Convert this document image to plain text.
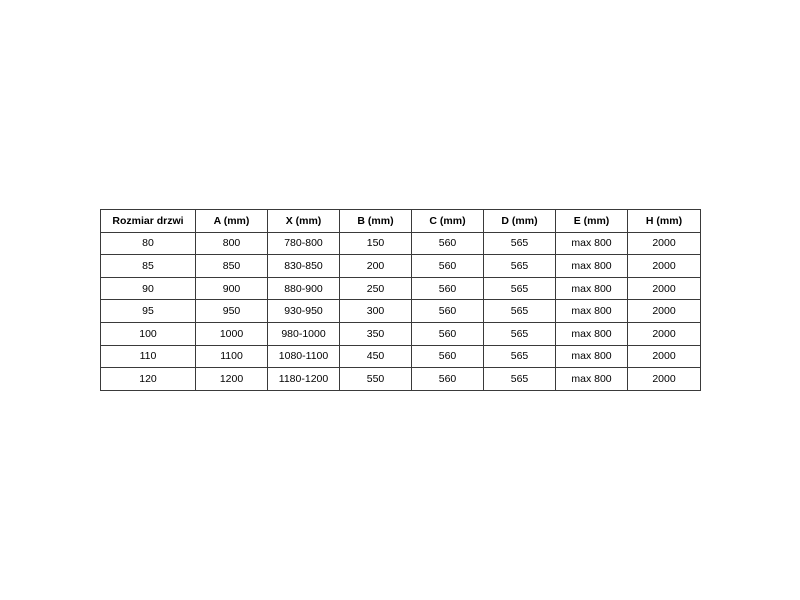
Rozmiar drzwi	A (mm)	X (mm)	B (mm)	C (mm)	D (mm)	E (mm)	H (mm)
80	800	780-800	150	560	565	max 800	2000
85	850	830-850	200	560	565	max 800	2000
90	900	880-900	250	560	565	max 800	2000
95	950	930-950	300	560	565	max 800	2000
100	1000	980-1000	350	560	565	max 800	2000
110	1100	1080-1100	450	560	565	max 800	2000
120	1200	1180-1200	550	560	565	max 800	2000
